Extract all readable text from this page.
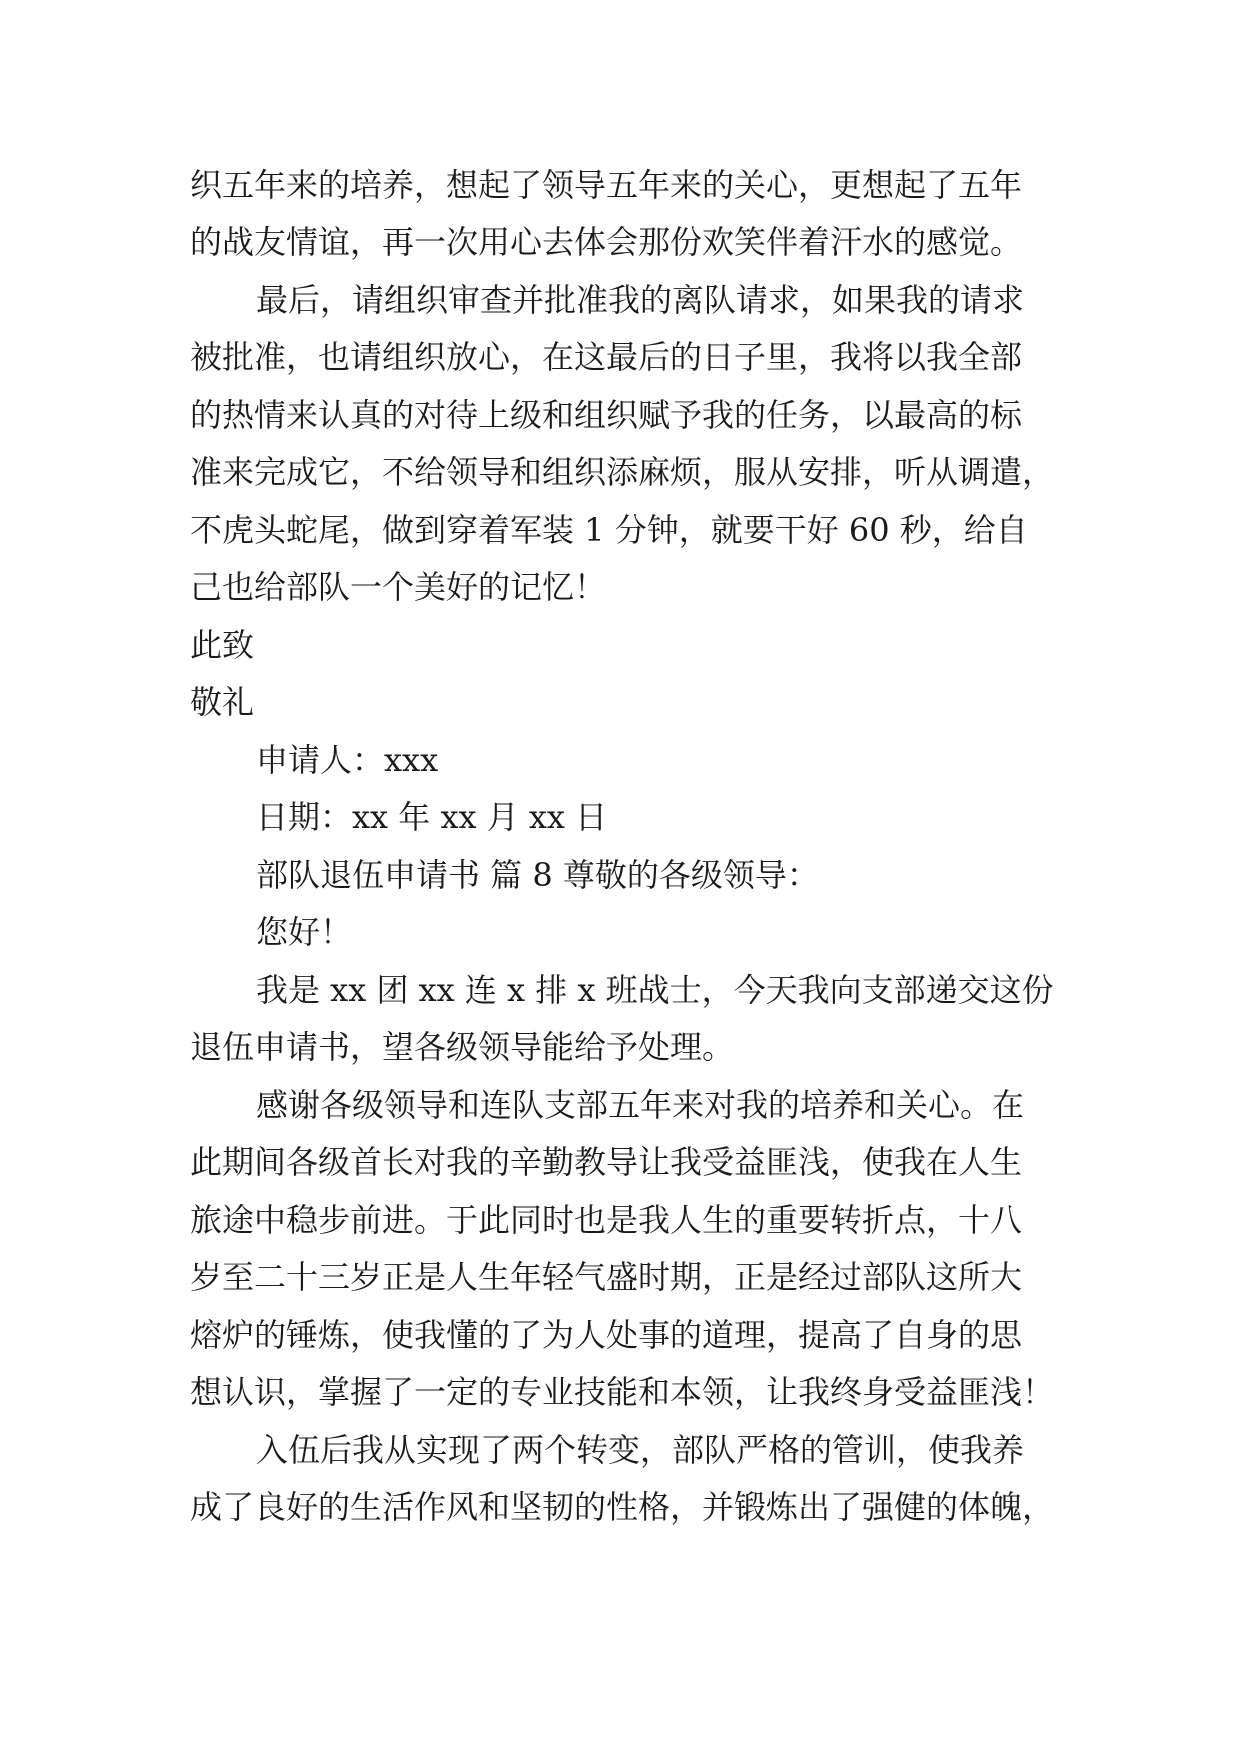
织五年来的培养，想起了领导五年来的关心，更想起了五年

的战友情谊，再一次用心去体会那份欢笑伴着汗水的感觉。

最后，请组织审查并批准我的离队请求，如果我的请求

被批准，也请组织放心，在这最后的日子里，我将以我全部

的热情来认真的对待上级和组织赋予我的任务，以最高的标

准来完成它，不给领导和组织添麻烦，服从安排，听从调遣，

不虎头蛇尾，做到穿着军装 1 分钟，就要干好 60 秒，给自

己也给部队一个美好的记忆！

此致

敬礼

申请人：xxx

日期：xx 年 xx 月 xx 日

部队退伍申请书 篇 8 尊敬的各级领导：

您好！

我是 xx 团 xx 连 x 排 x 班战士，今天我向支部递交这份

退伍申请书，望各级领导能给予处理。

感谢各级领导和连队支部五年来对我的培养和关心。在

此期间各级首长对我的辛勤教导让我受益匪浅，使我在人生

旅途中稳步前进。于此同时也是我人生的重要转折点，十八

岁至二十三岁正是人生年轻气盛时期，正是经过部队这所大

熔炉的锤炼，使我懂的了为人处事的道理，提高了自身的思

想认识，掌握了一定的专业技能和本领，让我终身受益匪浅！

入伍后我从实现了两个转变，部队严格的管训，使我养

成了良好的生活作风和坚韧的性格，并锻炼出了强健的体魄，
